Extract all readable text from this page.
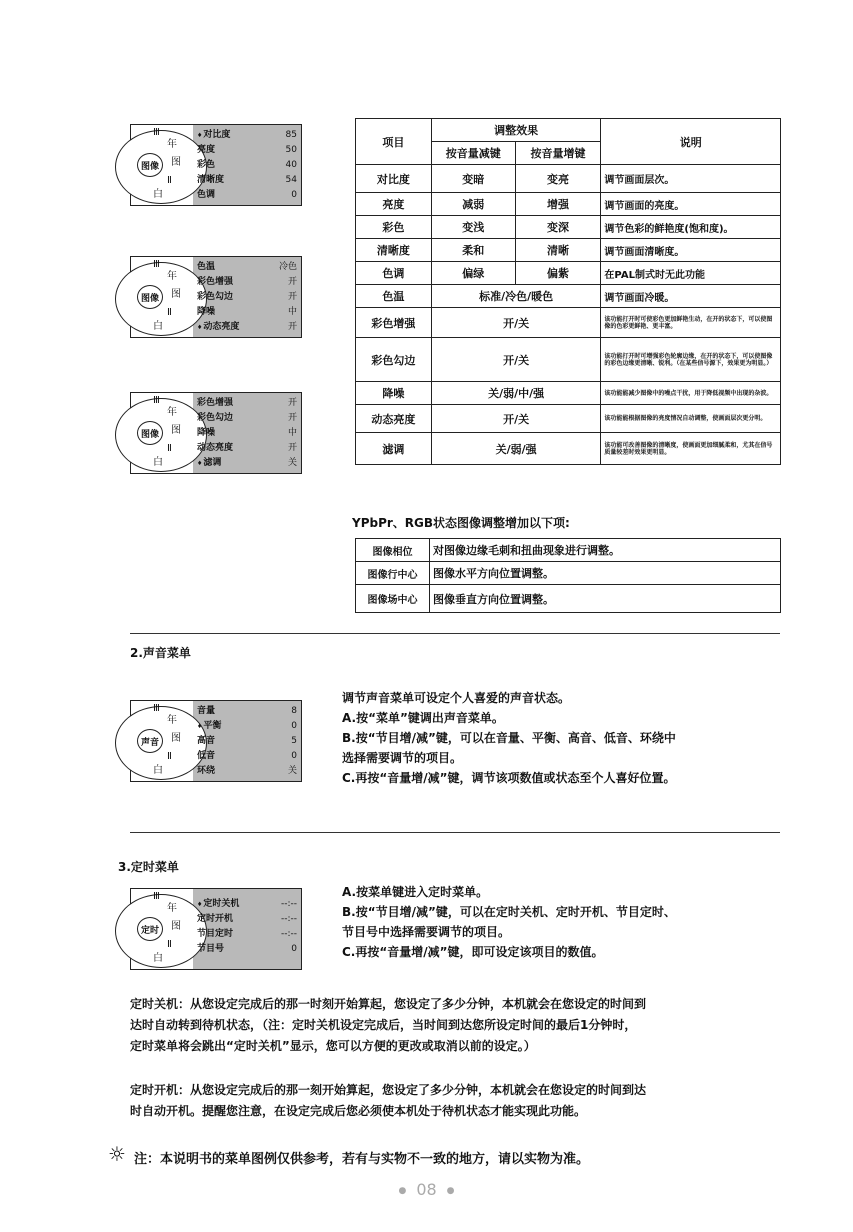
图像
Ⅲ
年
图
Ⅱ
白
♦ 对比度	85
亮度	50
彩色	40
清晰度	54
色调	0
图像
Ⅲ
年
图
Ⅱ
白
色温	冷色
彩色增强	开
彩色勾边	开
降噪	中
♦ 动态亮度	开
图像
Ⅲ
年
图
Ⅱ
白
彩色增强	开
彩色勾边	开
降噪	中
动态亮度	开
♦ 滤调	关
项目	调整效果		说明
	按音量减键	按音量增键	
对比度	变暗	变亮	调节画面层次。
亮度	减弱	增强	调节画面的亮度。
彩色	变浅	变深	调节色彩的鲜艳度(饱和度)。
清晰度	柔和	清晰	调节画面清晰度。
色调	偏绿	偏紫	在PAL制式时无此功能
色温	标准/冷色/暖色		调节画面冷暖。
彩色增强	开/关		该功能打开时可使彩色更加鲜艳生动，在开的状态下，可以使图像的色彩更鲜艳、更丰富。
彩色勾边	开/关		该功能打开时可增强彩色轮廓边缘，在开的状态下，可以使图像的彩色边缘更清晰、锐利。（在某些信号源下，效果更为明显。）
降噪	关/弱/中/强		该功能能减少图像中的噪点干扰，用于降低视频中出现的杂波。
动态亮度	开/关		该功能能根据图像的亮度情况自动调整，使画面层次更分明。
滤调	关/弱/强		该功能可改善图像的清晰度，使画面更加细腻柔和，尤其在信号质量较差时效果更明显。
YPbPr、RGB状态图像调整增加以下项:
图像相位	对图像边缘毛刺和扭曲现象进行调整。
图像行中心	图像水平方向位置调整。
图像场中心	图像垂直方向位置调整。
2.声音菜单
声音
Ⅲ
年
图
Ⅱ
白
音量	8
♦ 平衡	0
高音	5
低音	0
环绕	关
调节声音菜单可设定个人喜爱的声音状态。
A.按“菜单”键调出声音菜单。
B.按“节目增/减”键，可以在音量、平衡、高音、低音、环绕中
选择需要调节的项目。
C.再按“音量增/减”键，调节该项数值或状态至个人喜好位置。
3.定时菜单
定时
Ⅲ
年
图
Ⅱ
白
♦ 定时关机	--:--
定时开机	--:--
节目定时	--:--
节目号	0
A.按菜单键进入定时菜单。
B.按“节目增/减”键，可以在定时关机、定时开机、节目定时、
节目号中选择需要调节的项目。
C.再按“音量增/减”键，即可设定该项目的数值。
定时关机：从您设定完成后的那一时刻开始算起，您设定了多少分钟，本机就会在您设定的时间到
达时自动转到待机状态，（注：定时关机设定完成后，当时间到达您所设定时间的最后1分钟时，
定时菜单将会跳出“定时关机”显示，您可以方便的更改或取消以前的设定。）
定时开机：从您设定完成后的那一刻开始算起，您设定了多少分钟，本机就会在您设定的时间到达
时自动开机。提醒您注意，在设定完成后您必须使本机处于待机状态才能实现此功能。
☼ 注：本说明书的菜单图例仅供参考，若有与实物不一致的地方，请以实物为准。
● 08 ●
